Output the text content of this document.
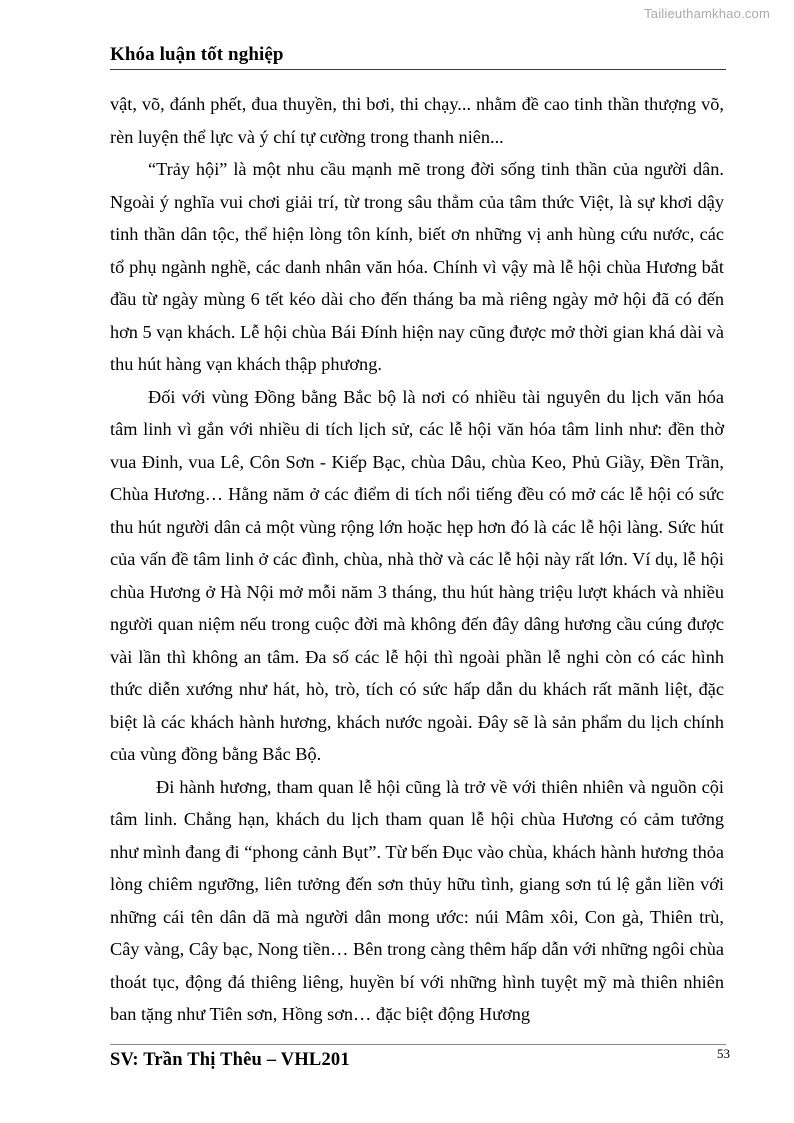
Tailieuthamkhao.com
Khóa luận tốt nghiệp

vật, võ, đánh phết, đua thuyền, thi bơi, thi chạy... nhằm đề cao tinh thần thượng võ, rèn luyện thể lực và ý chí tự cường trong thanh niên...

“Trảy hội” là một nhu cầu mạnh mẽ trong đời sống tinh thần của người dân. Ngoài ý nghĩa vui chơi giải trí, từ trong sâu thẳm của tâm thức Việt, là sự khơi dậy tinh thần dân tộc, thể hiện lòng tôn kính, biết ơn những vị anh hùng cứu nước, các tổ phụ ngành nghề, các danh nhân văn hóa. Chính vì vậy mà lễ hội chùa Hương bắt đầu từ ngày mùng 6 tết kéo dài cho đến tháng ba mà riêng ngày mở hội đã có đến hơn 5 vạn khách. Lễ hội chùa Bái Đính hiện nay cũng được mở thời gian khá dài và thu hút hàng vạn khách thập phương.

Đối với vùng Đồng bằng Bắc bộ là nơi có nhiều tài nguyên du lịch văn hóa tâm linh vì gắn với nhiều di tích lịch sử, các lễ hội văn hóa tâm linh như: đền thờ vua Đinh, vua Lê, Côn Sơn - Kiếp Bạc, chùa Dâu, chùa Keo, Phủ Giầy, Đền Trần, Chùa Hương… Hằng năm ở các điểm di tích nổi tiếng đều có mở các lễ hội có sức thu hút người dân cả một vùng rộng lớn hoặc hẹp hơn đó là các lễ hội làng. Sức hút của vấn đề tâm linh ở các đình, chùa, nhà thờ và các lễ hội này rất lớn. Ví dụ, lễ hội chùa Hương ở Hà Nội mở mỗi năm 3 tháng, thu hút hàng triệu lượt khách và nhiều người quan niệm nếu trong cuộc đời mà không đến đây dâng hương cầu cúng được vài lần thì không an tâm. Đa số các lễ hội thì ngoài phần lễ nghi còn có các hình thức diễn xướng như hát, hò, trò, tích có sức hấp dẫn du khách rất mãnh liệt, đặc biệt là các khách hành hương, khách nước ngoài. Đây sẽ là sản phẩm du lịch chính của vùng đồng bằng Bắc Bộ.

Đi hành hương, tham quan lễ hội cũng là trở về với thiên nhiên và nguồn cội tâm linh. Chẳng hạn, khách du lịch tham quan lễ hội chùa Hương có cảm tưởng như mình đang đi “phong cảnh Bụt”. Từ bến Đục vào chùa, khách hành hương thỏa lòng chiêm ngưỡng, liên tưởng đến sơn thủy hữu tình, giang sơn tú lệ gắn liền với những cái tên dân dã mà người dân mong ước: núi Mâm xôi, Con gà, Thiên trù, Cây vàng, Cây bạc, Nong tiền… Bên trong càng thêm hấp dẫn với những ngôi chùa thoát tục, động đá thiêng liêng, huyền bí với những hình tuyệt mỹ mà thiên nhiên ban tặng như Tiên sơn, Hồng sơn… đặc biệt động Hương

SV: Trần Thị Thêu – VHL201	53
